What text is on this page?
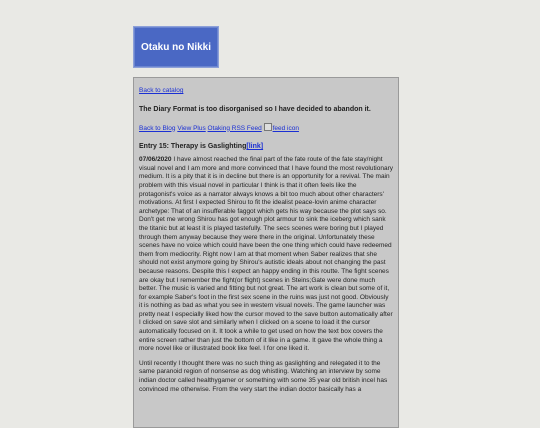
Otaku no Nikki
Back to catalog
The Diary Format is too disorganised so I have decided to abandon it.
Back to Blog View Plus Otaking RSS Feed feed icon
Entry 15: Therapy is Gaslighting[link]

07/06/2020 I have almost reached the final part of the fate route of the fate stay/night visual novel and I am more and more convinced that I have found the most revolutionary medium. It is a pity that it is in decline but there is an opportunity for a revival. The main problem with this visual novel in particular I think is that it often feels like the protagonist's voice as a narrator always knows a bit too much about other characters' motivations. At first I expected Shirou to fit the idealist peace-lovin anime character archetype: That of an insufferable faggot which gets his way because the plot says so. Don't get me wrong Shirou has got enough plot armour to sink the iceberg which sank the titanic but at least it is played tastefully. The secs scenes were boring but I played through them anyway because they were there in the original. Unfortunately these scenes have no voice which could have been the one thing which could have redeemed them from mediocrity. Right now I am at that moment when Saber realizes that she should not exist anymore going by Shirou's autistic ideals about not changing the past because reasons. Despite this I expect an happy ending in this routte. The fight scenes are okay but I remember the fight(or flight) scenes in Steins;Gate were done much better. The music is varied and fitting but not great. The art work is clean but some of it, for example Saber's foot in the first sex scene in the ruins was just not good. Obviously it is nothing as bad as what you see in western visual novels. The game launcher was pretty neat I especially liked how the cursor moved to the save button automatically after I clicked on save slot and similarly when I clicked on a scene to load it the cursor automatically focused on it. It took a while to get used on how the text box covers the entire screen rather than just the bottom of it like in a game. It gave the whole thing a more novel like or illustrated book like feel. I for one liked it.

Until recently I thought there was no such thing as gaslighting and relegated it to the same paranoid region of nonsense as dog whistling. Watching an interview by some indian doctor called healthygamer or something with some 35 year old british incel has convinced me otherwise. From the very start the indian doctor basically has a
